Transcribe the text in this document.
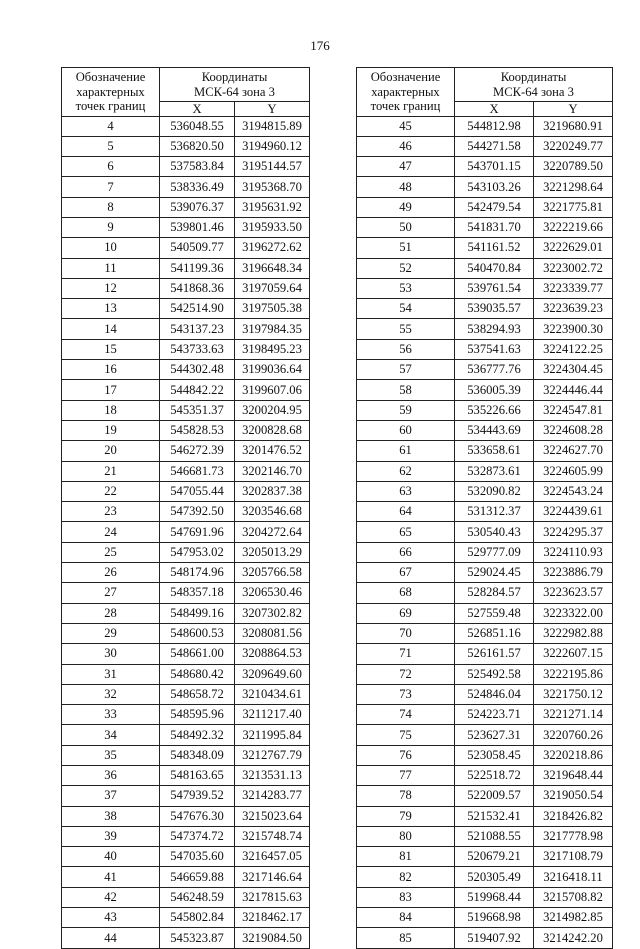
176
Обозначение
характерных
точек границ	Координаты
МСК-64 зона 3	
	X	Y
4	536048.55	3194815.89
5	536820.50	3194960.12
6	537583.84	3195144.57
7	538336.49	3195368.70
8	539076.37	3195631.92
9	539801.46	3195933.50
10	540509.77	3196272.62
11	541199.36	3196648.34
12	541868.36	3197059.64
13	542514.90	3197505.38
14	543137.23	3197984.35
15	543733.63	3198495.23
16	544302.48	3199036.64
17	544842.22	3199607.06
18	545351.37	3200204.95
19	545828.53	3200828.68
20	546272.39	3201476.52
21	546681.73	3202146.70
22	547055.44	3202837.38
23	547392.50	3203546.68
24	547691.96	3204272.64
25	547953.02	3205013.29
26	548174.96	3205766.58
27	548357.18	3206530.46
28	548499.16	3207302.82
29	548600.53	3208081.56
30	548661.00	3208864.53
31	548680.42	3209649.60
32	548658.72	3210434.61
33	548595.96	3211217.40
34	548492.32	3211995.84
35	548348.09	3212767.79
36	548163.65	3213531.13
37	547939.52	3214283.77
38	547676.30	3215023.64
39	547374.72	3215748.74
40	547035.60	3216457.05
41	546659.88	3217146.64
42	546248.59	3217815.63
43	545802.84	3218462.17
44	545323.87	3219084.50
Обозначение
характерных
точек границ	Координаты
МСК-64 зона 3	
	X	Y
45	544812.98	3219680.91
46	544271.58	3220249.77
47	543701.15	3220789.50
48	543103.26	3221298.64
49	542479.54	3221775.81
50	541831.70	3222219.66
51	541161.52	3222629.01
52	540470.84	3223002.72
53	539761.54	3223339.77
54	539035.57	3223639.23
55	538294.93	3223900.30
56	537541.63	3224122.25
57	536777.76	3224304.45
58	536005.39	3224446.44
59	535226.66	3224547.81
60	534443.69	3224608.28
61	533658.61	3224627.70
62	532873.61	3224605.99
63	532090.82	3224543.24
64	531312.37	3224439.61
65	530540.43	3224295.37
66	529777.09	3224110.93
67	529024.45	3223886.79
68	528284.57	3223623.57
69	527559.48	3223322.00
70	526851.16	3222982.88
71	526161.57	3222607.15
72	525492.58	3222195.86
73	524846.04	3221750.12
74	524223.71	3221271.14
75	523627.31	3220760.26
76	523058.45	3220218.86
77	522518.72	3219648.44
78	522009.57	3219050.54
79	521532.41	3218426.82
80	521088.55	3217778.98
81	520679.21	3217108.79
82	520305.49	3216418.11
83	519968.44	3215708.82
84	519668.98	3214982.85
85	519407.92	3214242.20
